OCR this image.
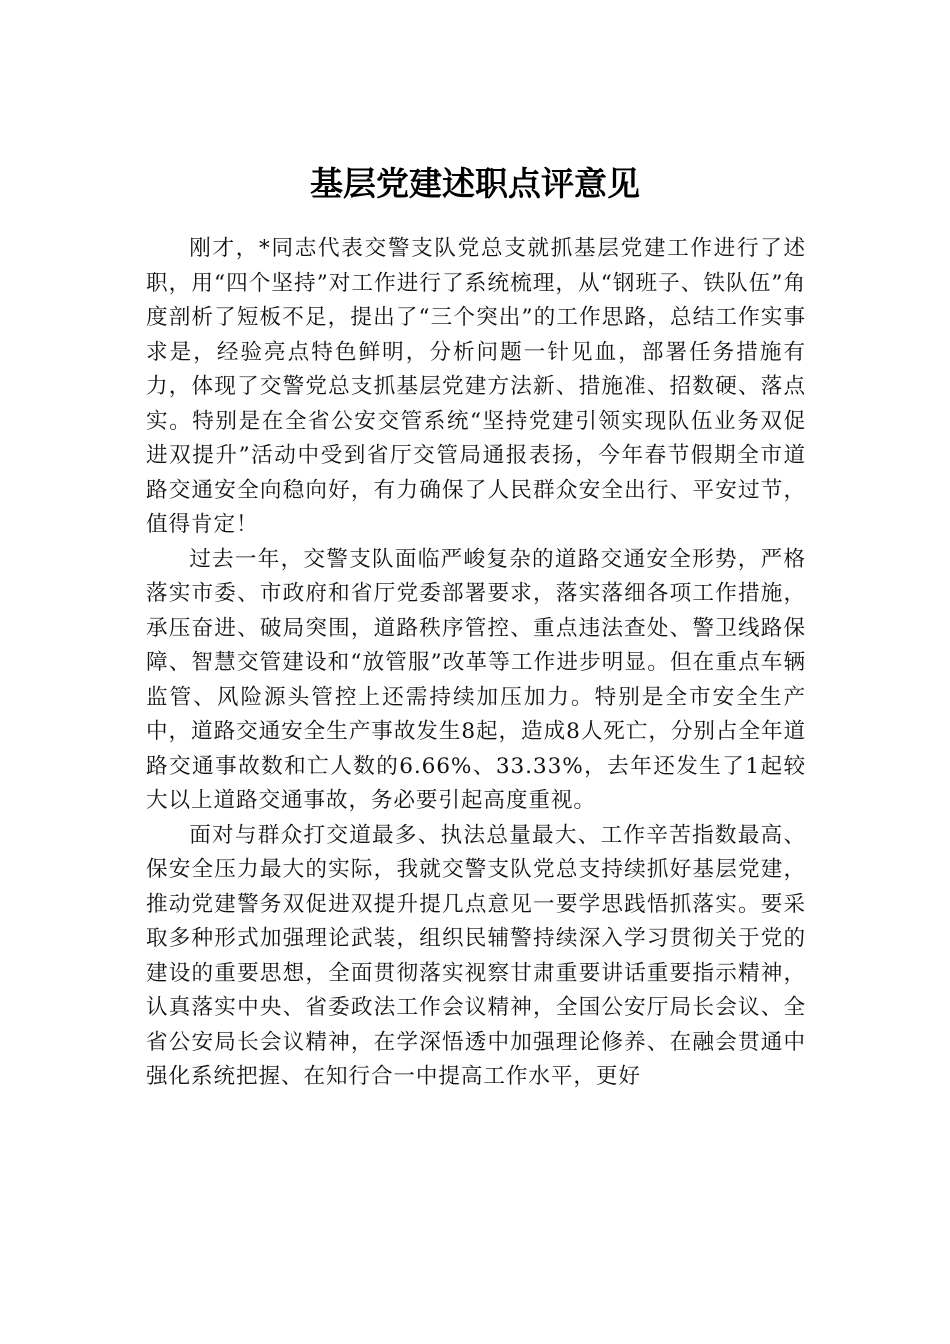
基层党建述职点评意见

刚才，*同志代表交警支队党总支就抓基层党建工作进行了述职，用“四个坚持”对工作进行了系统梳理，从“钢班子、铁队伍”角度剖析了短板不足，提出了“三个突出”的工作思路，总结工作实事求是，经验亮点特色鲜明，分析问题一针见血，部署任务措施有力，体现了交警党总支抓基层党建方法新、措施准、招数硬、落点实。特别是在全省公安交管系统“坚持党建引领实现队伍业务双促进双提升”活动中受到省厅交管局通报表扬，今年春节假期全市道路交通安全向稳向好，有力确保了人民群众安全出行、平安过节，值得肯定！

过去一年，交警支队面临严峻复杂的道路交通安全形势，严格落实市委、市政府和省厅党委部署要求，落实落细各项工作措施，承压奋进、破局突围，道路秩序管控、重点违法查处、警卫线路保障、智慧交管建设和“放管服”改革等工作进步明显。但在重点车辆监管、风险源头管控上还需持续加压加力。特别是全市安全生产中，道路交通安全生产事故发生8起，造成8人死亡，分别占全年道路交通事故数和亡人数的6.66%、33.33%，去年还发生了1起较大以上道路交通事故，务必要引起高度重视。

面对与群众打交道最多、执法总量最大、工作辛苦指数最高、保安全压力最大的实际，我就交警支队党总支持续抓好基层党建，推动党建警务双促进双提升提几点意见一要学思践悟抓落实。要采取多种形式加强理论武装，组织民辅警持续深入学习贯彻关于党的建设的重要思想，全面贯彻落实视察甘肃重要讲话重要指示精神，认真落实中央、省委政法工作会议精神，全国公安厅局长会议、全省公安局长会议精神，在学深悟透中加强理论修养、在融会贯通中强化系统把握、在知行合一中提高工作水平，更好
